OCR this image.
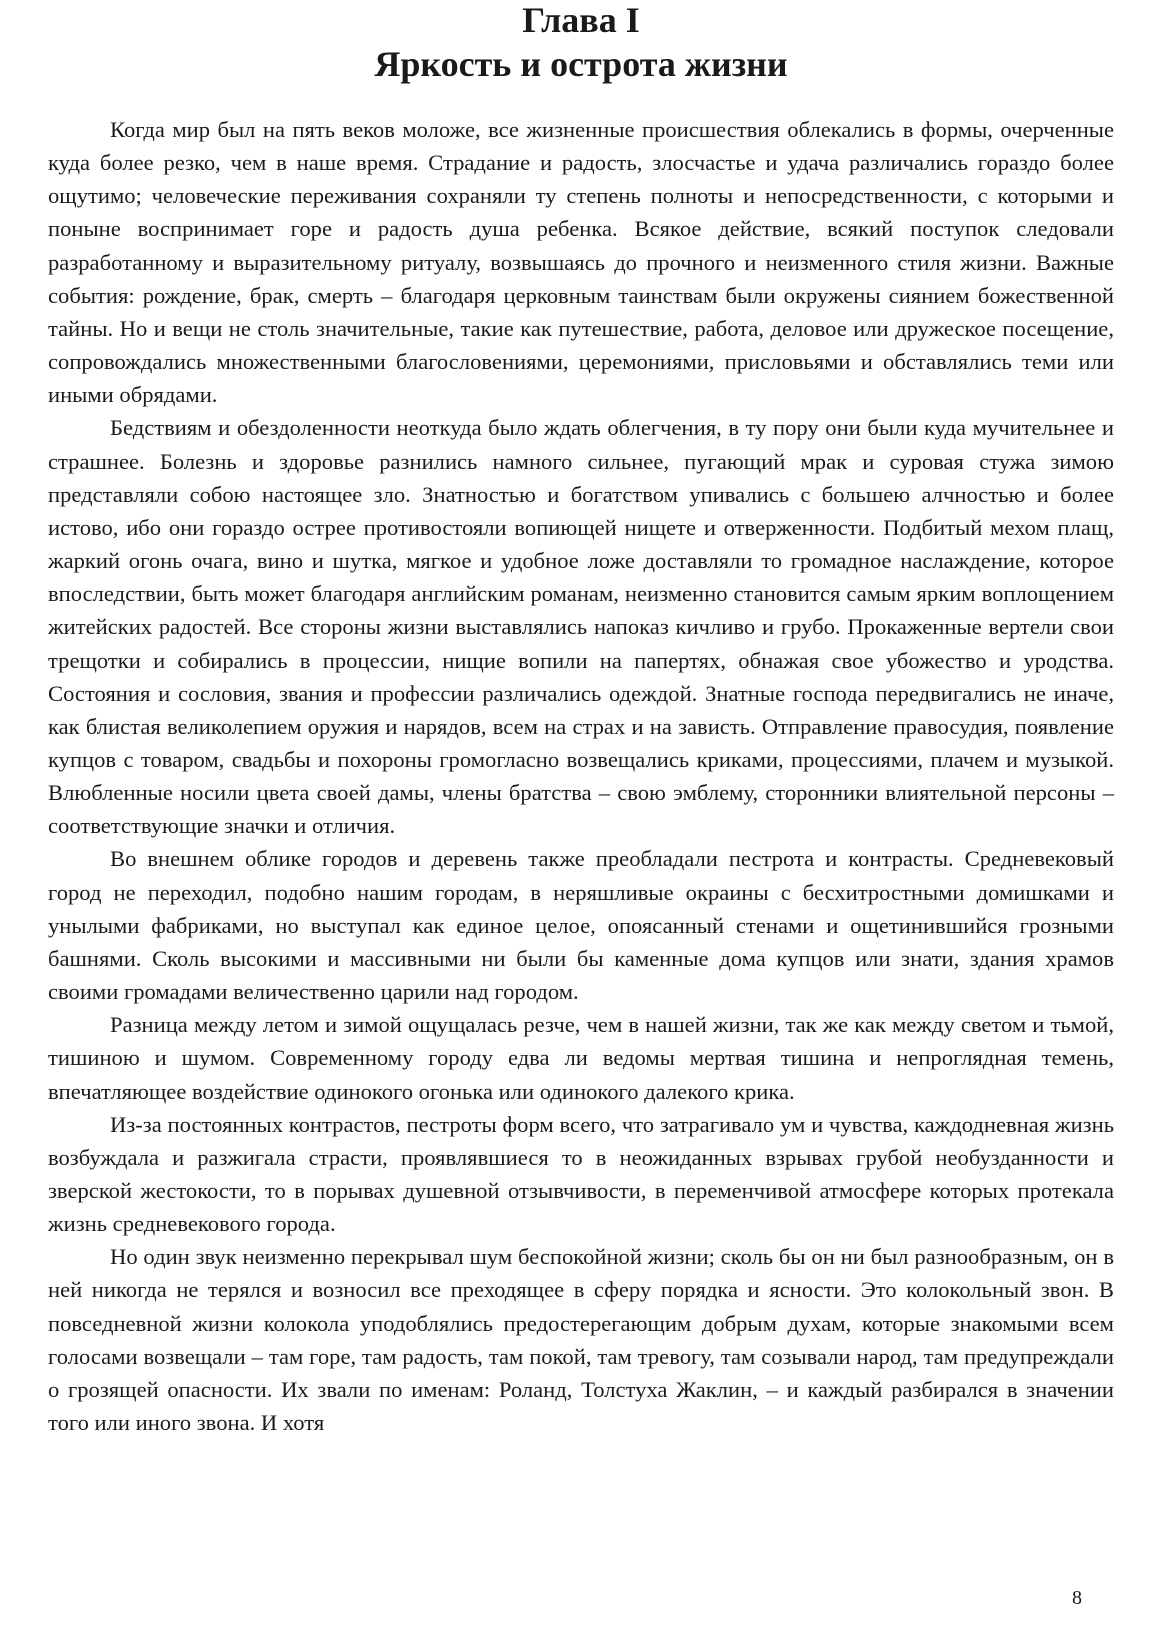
Глава I
Яркость и острота жизни

Когда мир был на пять веков моложе, все жизненные происшествия облекались в формы, очерченные куда более резко, чем в наше время. Страдание и радость, злосчастье и удача различались гораздо более ощутимо; человеческие переживания сохраняли ту степень полноты и непосредственности, с которыми и поныне воспринимает горе и радость душа ребенка. Всякое действие, всякий поступок следовали разработанному и выразительному ритуалу, возвышаясь до прочного и неизменного стиля жизни. Важные события: рождение, брак, смерть – благодаря церковным таинствам были окружены сиянием божественной тайны. Но и вещи не столь значительные, такие как путешествие, работа, деловое или дружеское посещение, сопровождались множественными благословениями, церемониями, присловьями и обставлялись теми или иными обрядами.

Бедствиям и обездоленности неоткуда было ждать облегчения, в ту пору они были куда мучительнее и страшнее. Болезнь и здоровье разнились намного сильнее, пугающий мрак и суровая стужа зимою представляли собою настоящее зло. Знатностью и богатством упивались с большею алчностью и более истово, ибо они гораздо острее противостояли вопиющей нищете и отверженности. Подбитый мехом плащ, жаркий огонь очага, вино и шутка, мягкое и удобное ложе доставляли то громадное наслаждение, которое впоследствии, быть может благодаря английским романам, неизменно становится самым ярким воплощением житейских радостей. Все стороны жизни выставлялись напоказ кичливо и грубо. Прокаженные вертели свои трещотки и собирались в процессии, нищие вопили на папертях, обнажая свое убожество и уродства. Состояния и сословия, звания и профессии различались одеждой. Знатные господа передвигались не иначе, как блистая великолепием оружия и нарядов, всем на страх и на зависть. Отправление правосудия, появление купцов с товаром, свадьбы и похороны громогласно возвещались криками, процессиями, плачем и музыкой. Влюбленные носили цвета своей дамы, члены братства – свою эмблему, сторонники влиятельной персоны – соответствующие значки и отличия.

Во внешнем облике городов и деревень также преобладали пестрота и контрасты. Средневековый город не переходил, подобно нашим городам, в неряшливые окраины с бесхитростными домишками и унылыми фабриками, но выступал как единое целое, опоясанный стенами и ощетинившийся грозными башнями. Сколь высокими и массивными ни были бы каменные дома купцов или знати, здания храмов своими громадами величественно царили над городом.

Разница между летом и зимой ощущалась резче, чем в нашей жизни, так же как между светом и тьмой, тишиною и шумом. Современному городу едва ли ведомы мертвая тишина и непроглядная темень, впечатляющее воздействие одинокого огонька или одинокого далекого крика.

Из-за постоянных контрастов, пестроты форм всего, что затрагивало ум и чувства, каждодневная жизнь возбуждала и разжигала страсти, проявлявшиеся то в неожиданных взрывах грубой необузданности и зверской жестокости, то в порывах душевной отзывчивости, в переменчивой атмосфере которых протекала жизнь средневекового города.

Но один звук неизменно перекрывал шум беспокойной жизни; сколь бы он ни был разнообразным, он в ней никогда не терялся и возносил все преходящее в сферу порядка и ясности. Это колокольный звон. В повседневной жизни колокола уподоблялись предостерегающим добрым духам, которые знакомыми всем голосами возвещали – там горе, там радость, там покой, там тревогу, там созывали народ, там предупреждали о грозящей опасности. Их звали по именам: Роланд, Толстуха Жаклин, – и каждый разбирался в значении того или иного звона. И хотя

8
